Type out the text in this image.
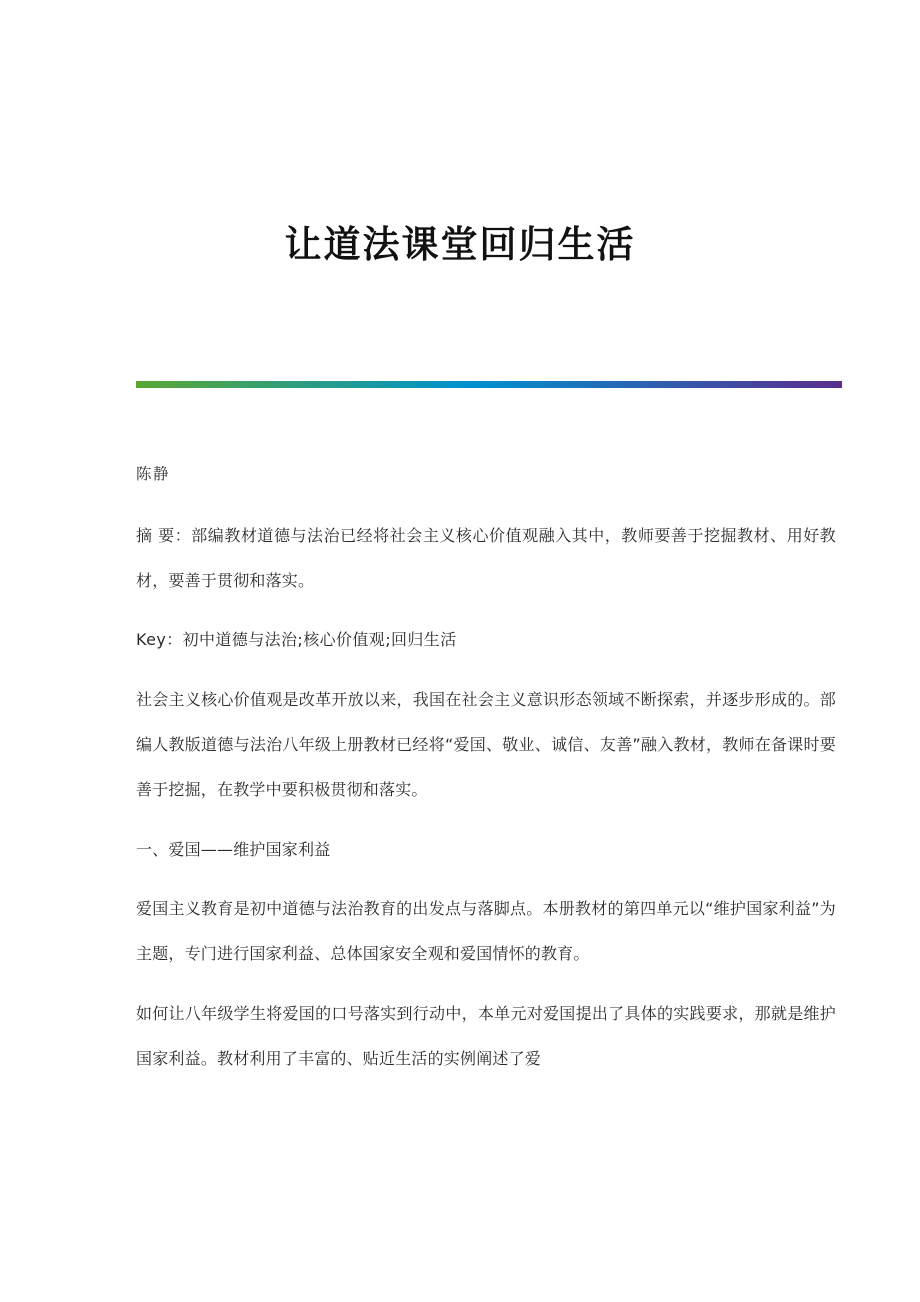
让道法课堂回归生活

陈静

摘 要：部编教材道德与法治已经将社会主义核心价值观融入其中，教师要善于挖掘教材、用好教材，要善于贯彻和落实。

Key：初中道德与法治;核心价值观;回归生活

社会主义核心价值观是改革开放以来，我国在社会主义意识形态领域不断探索，并逐步形成的。部编人教版道德与法治八年级上册教材已经将“爱国、敬业、诚信、友善”融入教材，教师在备课时要善于挖掘，在教学中要积极贯彻和落实。

一、爱国——维护国家利益

爱国主义教育是初中道德与法治教育的出发点与落脚点。本册教材的第四单元以“维护国家利益”为主题，专门进行国家利益、总体国家安全观和爱国情怀的教育。

如何让八年级学生将爱国的口号落实到行动中，本单元对爱国提出了具体的实践要求，那就是维护国家利益。教材利用了丰富的、贴近生活的实例阐述了爱
